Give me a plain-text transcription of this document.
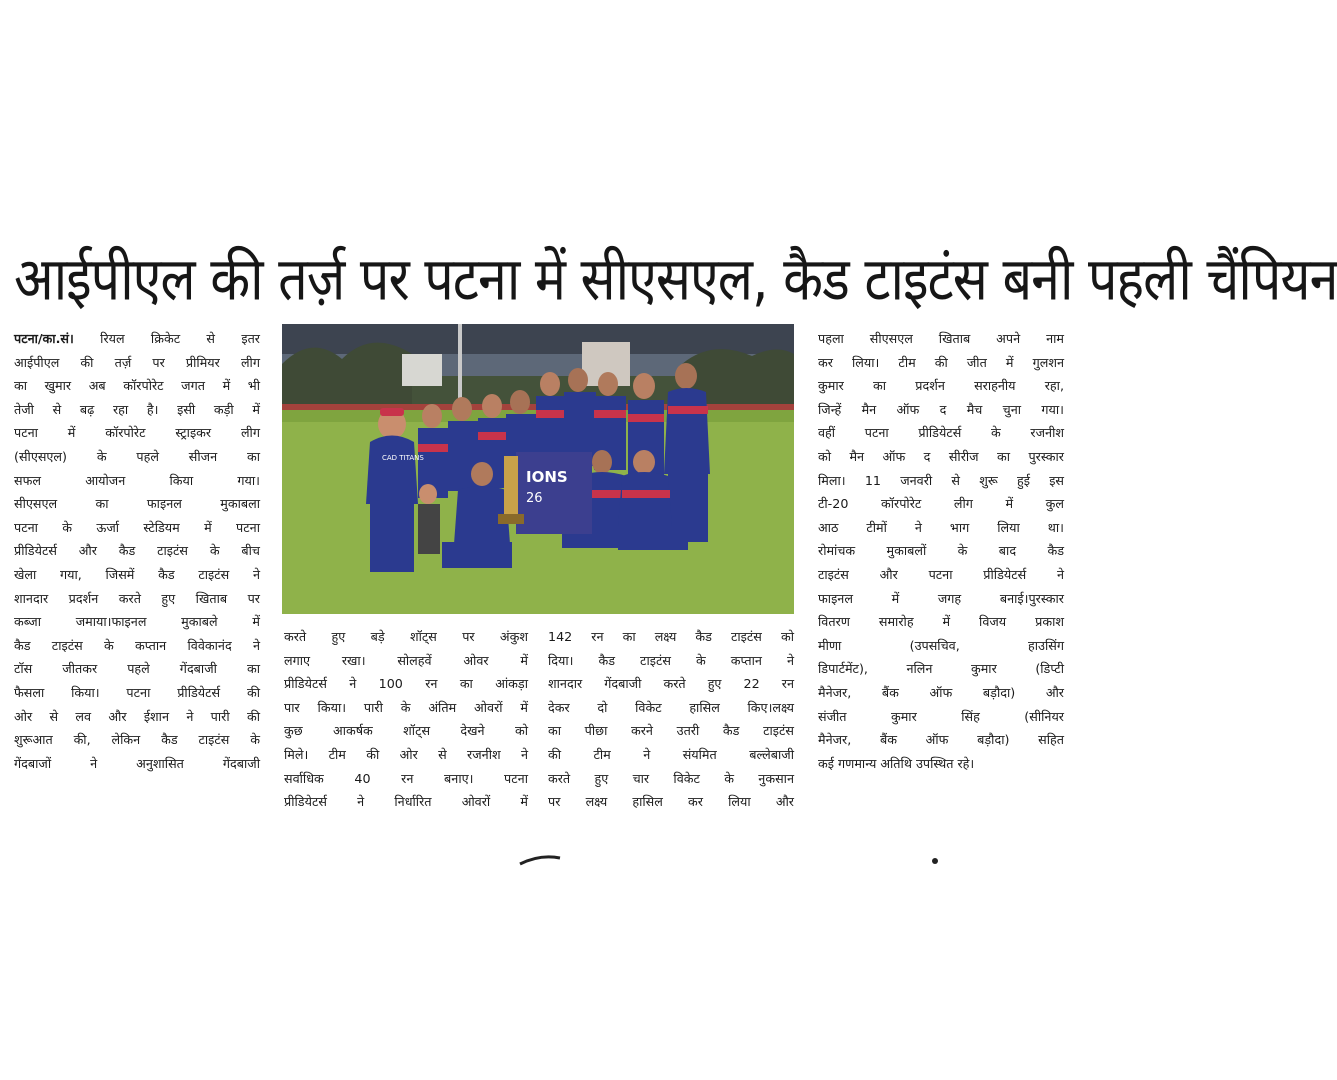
आईपीएल की तर्ज़ पर पटना में सीएसएल, कैड टाइटंस बनी पहली चैंपियन
पटना/का.सं। रियल क्रिकेट से इतर
आईपीएल की तर्ज़ पर प्रीमियर लीग
का खुमार अब कॉरपोरेट जगत में भी
तेजी से बढ़ रहा है। इसी कड़ी में
पटना में कॉरपोरेट स्ट्राइकर लीग
(सीएसएल) के पहले सीजन का
सफल आयोजन किया गया।
सीएसएल का फाइनल मुकाबला
पटना के ऊर्जा स्टेडियम में पटना
प्रीडियेटर्स और कैड टाइटंस के बीच
खेला गया, जिसमें कैड टाइटंस ने
शानदार प्रदर्शन करते हुए खिताब पर
कब्जा जमाया।फाइनल मुकाबले में
कैड टाइटंस के कप्तान विवेकानंद ने
टॉस जीतकर पहले गेंदबाजी का
फैसला किया। पटना प्रीडियेटर्स की
ओर से लव और ईशान ने पारी की
शुरूआत की, लेकिन कैड टाइटंस के
गेंदबाजों ने अनुशासित गेंदबाजी
IONS
26
CAD TITANS
करते हुए बड़े शॉट्स पर अंकुश
लगाए रखा। सोलहवें ओवर में
प्रीडियेटर्स ने 100 रन का आंकड़ा
पार किया। पारी के अंतिम ओवरों में
कुछ आकर्षक शॉट्स देखने को
मिले। टीम की ओर से रजनीश ने
सर्वाधिक 40 रन बनाए। पटना
प्रीडियेटर्स ने निर्धारित ओवरों में
142 रन का लक्ष्य कैड टाइटंस को
दिया। कैड टाइटंस के कप्तान ने
शानदार गेंदबाजी करते हुए 22 रन
देकर दो विकेट हासिल किए।लक्ष्य
का पीछा करने उतरी कैड टाइटंस
की टीम ने संयमित बल्लेबाजी
करते हुए चार विकेट के नुकसान
पर लक्ष्य हासिल कर लिया और
पहला सीएसएल खिताब अपने नाम
कर लिया। टीम की जीत में गुलशन
कुमार का प्रदर्शन सराहनीय रहा,
जिन्हें मैन ऑफ द मैच चुना गया।
वहीं पटना प्रीडियेटर्स के रजनीश
को मैन ऑफ द सीरीज का पुरस्कार
मिला। 11 जनवरी से शुरू हुई इस
टी-20 कॉरपोरेट लीग में कुल
आठ टीमों ने भाग लिया था।
रोमांचक मुकाबलों के बाद कैड
टाइटंस और पटना प्रीडियेटर्स ने
फाइनल में जगह बनाई।पुरस्कार
वितरण समारोह में विजय प्रकाश
मीणा (उपसचिव, हाउसिंग
डिपार्टमेंट), नलिन कुमार (डिप्टी
मैनेजर, बैंक ऑफ बड़ौदा) और
संजीत कुमार सिंह (सीनियर
मैनेजर, बैंक ऑफ बड़ौदा) सहित
कई गणमान्य अतिथि उपस्थित रहे।
